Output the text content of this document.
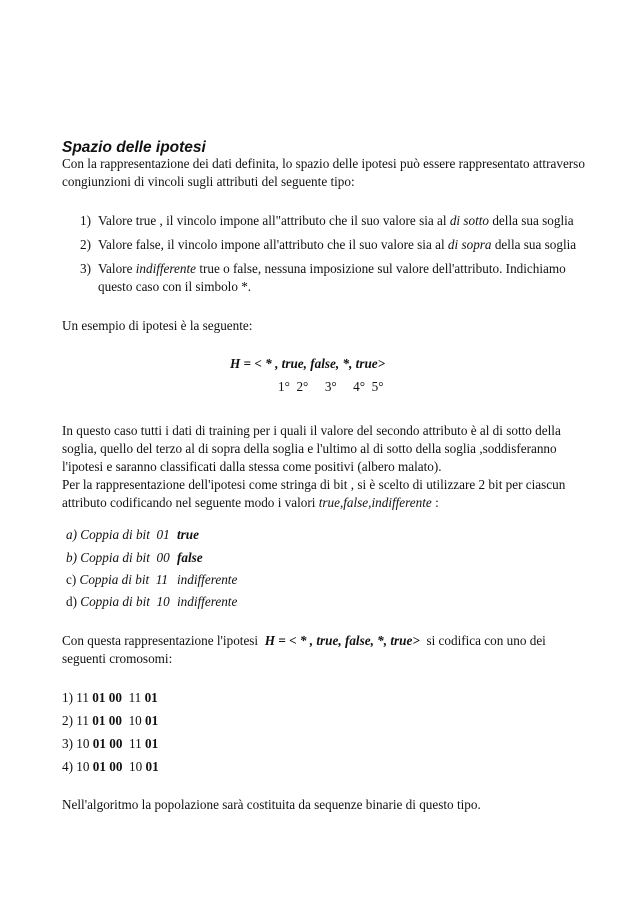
Spazio delle ipotesi
Con la rappresentazione dei dati definita, lo spazio delle ipotesi può essere rappresentato attraverso
congiunzioni di vincoli sugli attributi del seguente tipo:
1) Valore true , il vincolo impone all"attributo che il suo valore sia al di sotto della sua soglia
2) Valore false, il vincolo impone all'attributo che il suo valore sia al di sopra della sua soglia
3) Valore indifferente true o false, nessuna imposizione sul valore dell'attributo. Indichiamo
questo caso con il simbolo *.
Un esempio di ipotesi è la seguente:
H = < * , true, false, *, true>
1°  2°     3°     4°  5°
In questo caso tutti i dati di training per i quali il valore del secondo attributo è al di sotto della
soglia, quello del terzo al di sopra della soglia e l'ultimo al di sotto della soglia ,soddisferanno
l'ipotesi e saranno classificati dalla stessa come positivi (albero malato).
Per la rappresentazione dell'ipotesi come stringa di bit , si è scelto di utilizzare 2 bit per ciascun
attributo codificando nel seguente modo i valori true,false,indifferente :
a) Coppia di bit  01 true
b) Coppia di bit  00 false
c) Coppia di bit  11 indifferente
d) Coppia di bit  10 indifferente
Con questa rappresentazione l'ipotesi  H = < * , true, false, *, true>  si codifica con uno dei
seguenti cromosomi:
1) 11 01 00  11 01
2) 11 01 00  10 01
3) 10 01 00  11 01
4) 10 01 00  10 01
Nell'algoritmo la popolazione sarà costituita da sequenze binarie di questo tipo.
